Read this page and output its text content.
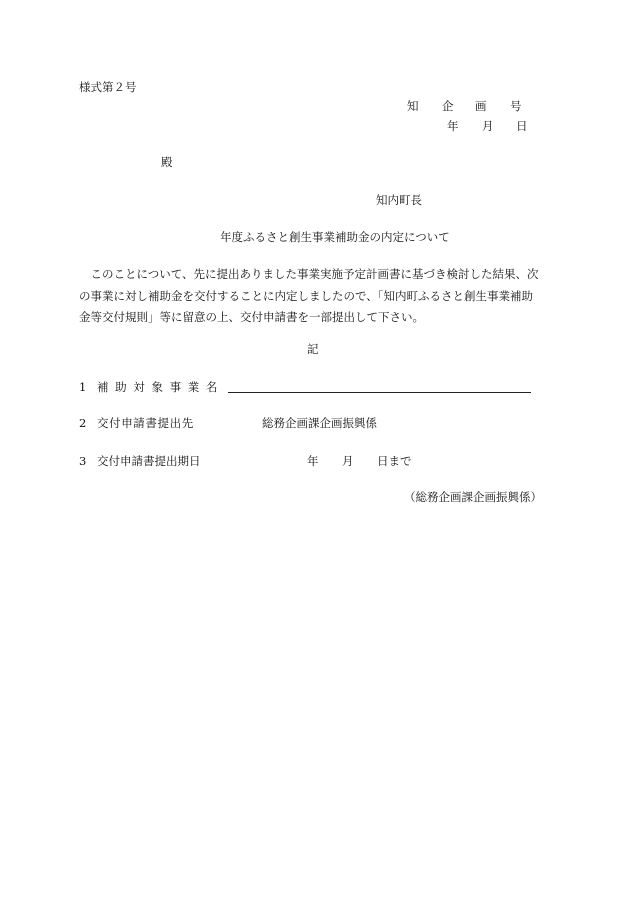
様式第２号
知 企 画 号
年 月 日
殿
知内町長
年度ふるさと創生事業補助金の内定について
　このことについて、先に提出ありました事業実施予定計画書に基づき検討した結果、次
の事業に対し補助金を交付することに内定しましたので、「知内町ふるさと創生事業補助
金等交付規則」等に留意の上、交付申請書を一部提出して下さい。
記
1 補 助 対 象 事 業 名
2 交付申請書提出先	総務企画課企画振興係
3 交付申請書提出期日	年 月 日まで
（総務企画課企画振興係）
